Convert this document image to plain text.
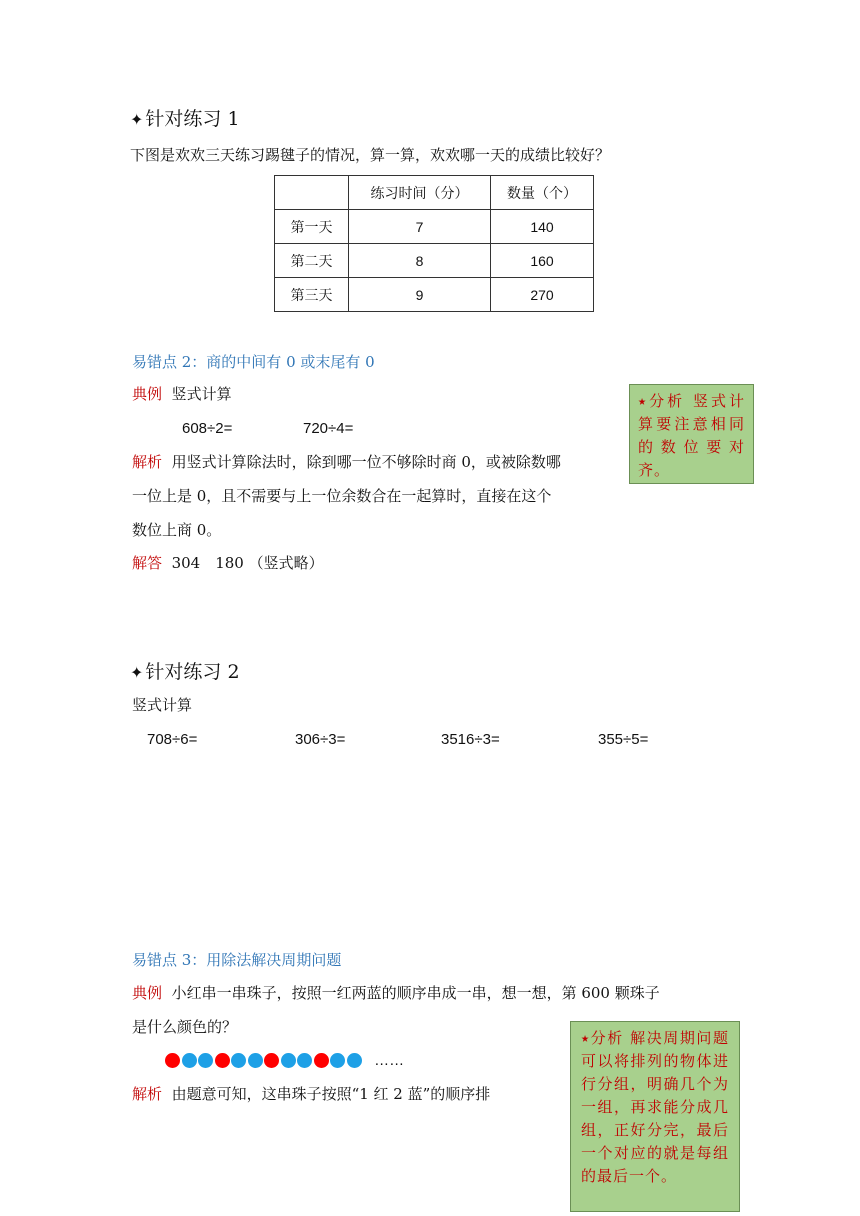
✦ 针对练习 1
下图是欢欢三天练习踢毽子的情况，算一算，欢欢哪一天的成绩比较好？
	练习时间（分）	数量（个）
第一天	7	140
第二天	8	160
第三天	9	270
易错点 2：商的中间有 0 或末尾有 0
典例 竖式计算
608÷2=	720÷4=
解析 用竖式计算除法时，除到哪一位不够除时商 0，或被除数哪
一位上是 0，且不需要与上一位余数合在一起算时，直接在这个
数位上商 0。
解答 304　180 （竖式略）
⭑分析 竖式计算要注意相同的数位要对齐。
✦ 针对练习 2
竖式计算
708÷6=	306÷3=	3516÷3=	355÷5=
易错点 3：用除法解决周期问题
典例 小红串一串珠子，按照一红两蓝的顺序串成一串，想一想，第 600 颗珠子
是什么颜色的？
……
解析 由题意可知，这串珠子按照“1 红 2 蓝”的顺序排
⭑分析 解决周期问题可以将排列的物体进行分组，明确几个为一组，再求能分成几组，正好分完，最后一个对应的就是每组的最后一个。
